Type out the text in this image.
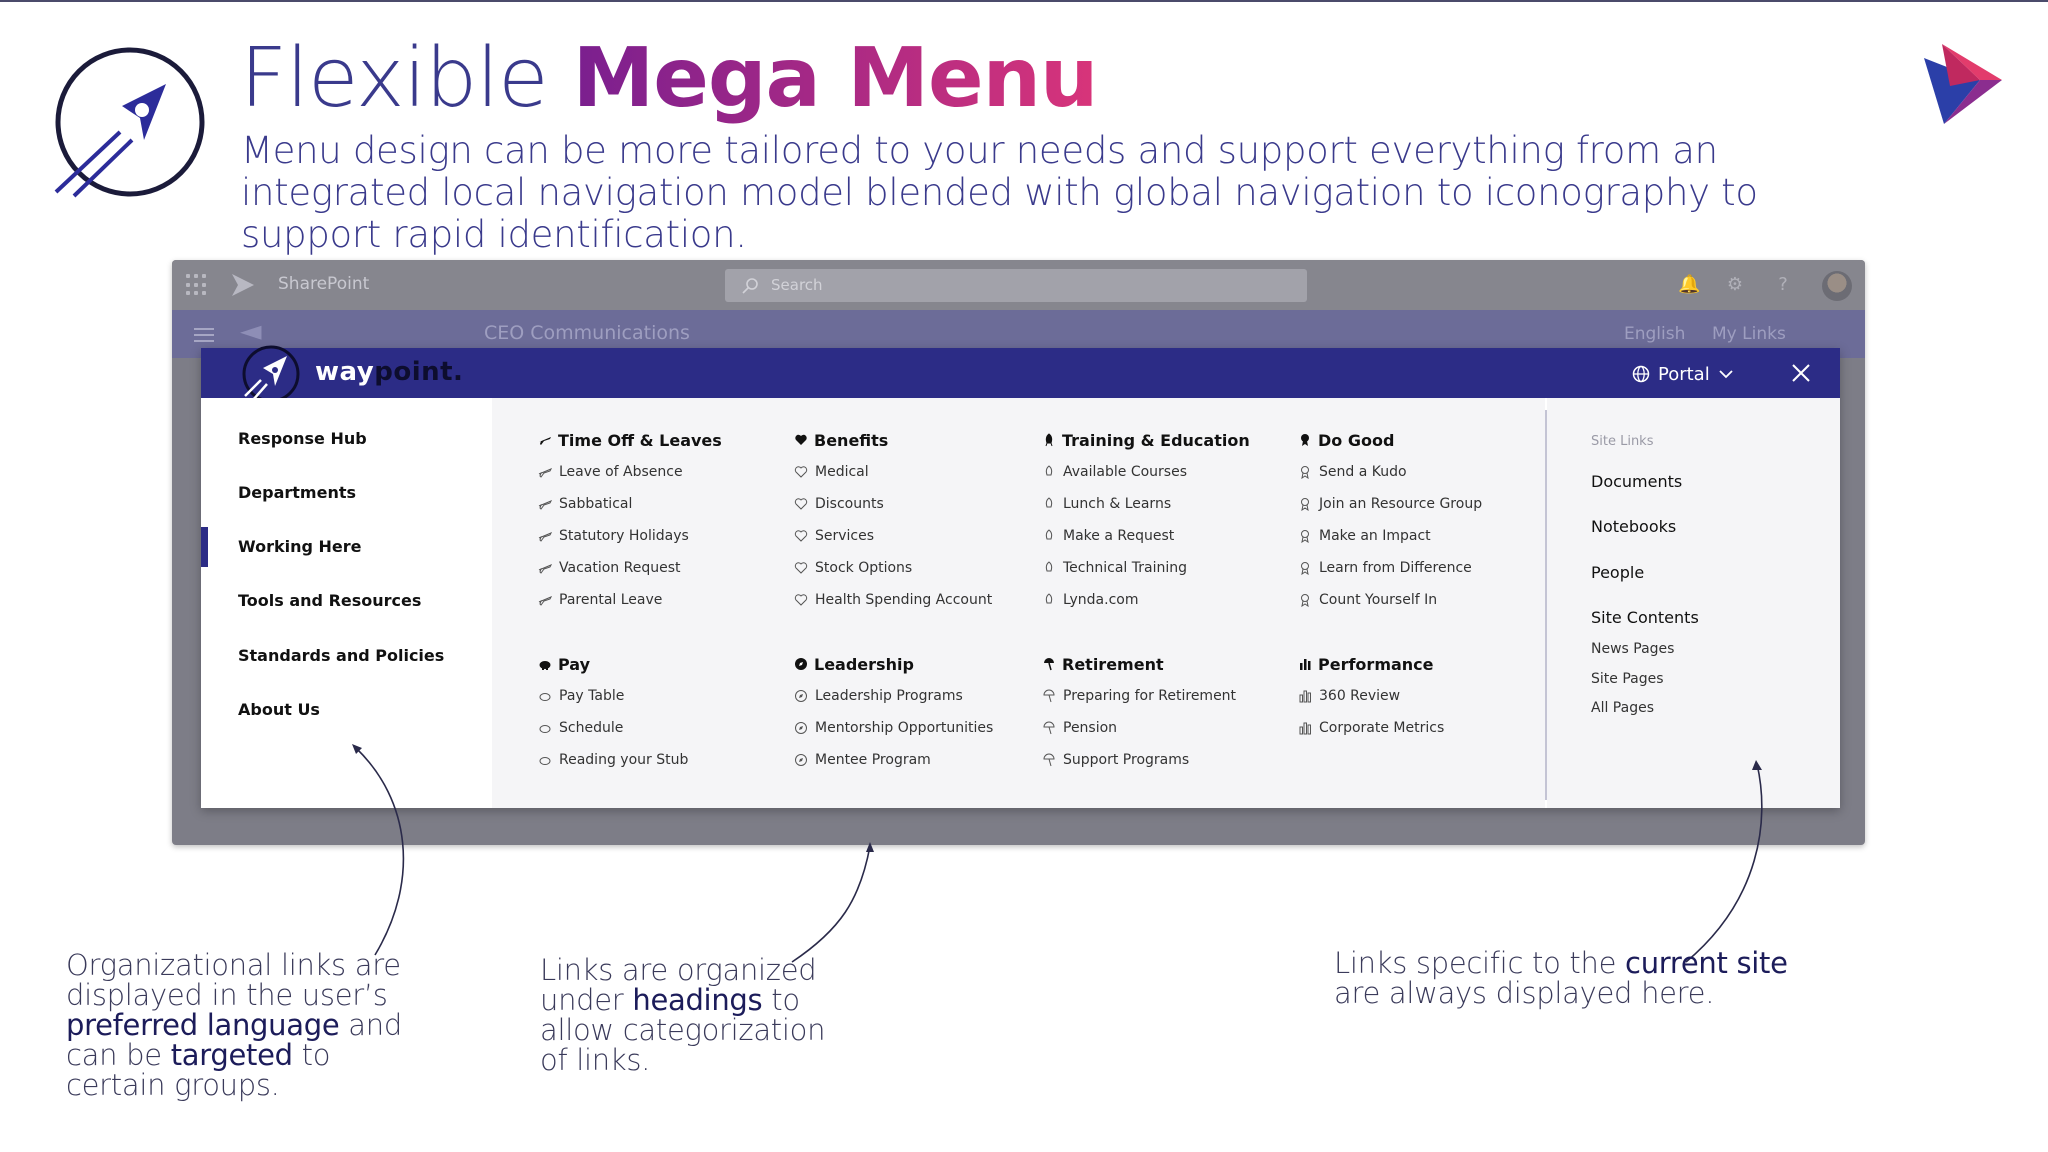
Flexible Mega Menu
Menu design can be more tailored to your needs and support everything from an integrated local navigation model blended with global navigation to iconography to support rapid identification.
SharePoint	Search	🔔 ⚙	?
◄	CEO Communications	English My Links
waypoint.	Portal
Response Hub
Departments
Working Here
Tools and Resources
Standards and Policies
About Us
Time Off & Leaves
Leave of Absence
Sabbatical
Statutory Holidays
Vacation Request
Parental Leave
Benefits
Medical
Discounts
Services
Stock Options
Health Spending Account
Training & Education
Available Courses
Lunch & Learns
Make a Request
Technical Training
Lynda.com
Do Good
Send a Kudo
Join an Resource Group
Make an Impact
Learn from Difference
Count Yourself In
Pay
Pay Table
Schedule
Reading your Stub
Leadership
Leadership Programs
Mentorship Opportunities
Mentee Program
Retirement
Preparing for Retirement
Pension
Support Programs
Performance
360 Review
Corporate Metrics
Site Links
Documents
Notebooks
People
Site Contents
News Pages
Site Pages
All Pages
Organizational links are displayed in the user’s preferred language and can be targeted to certain groups.
Links are organized under headings to allow categorization of links.
Links specific to the current site are always displayed here.
